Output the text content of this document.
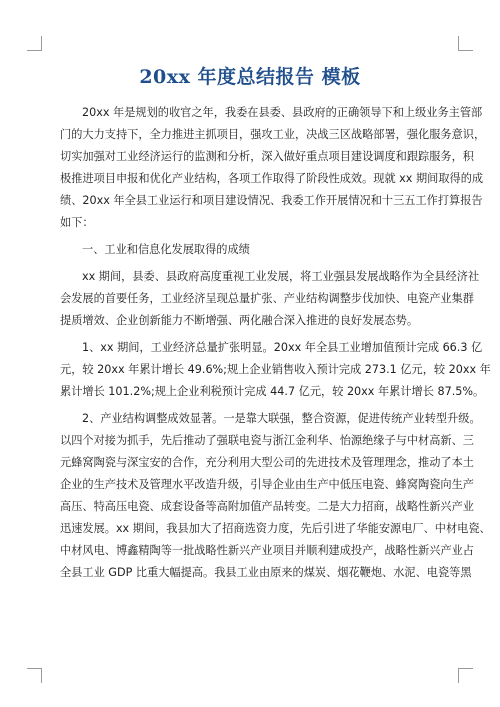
20xx 年度总结报告 模板
20xx 年是规划的收官之年，我委在县委、县政府的正确领导下和上级业务主管部
门的大力支持下，全力推进主抓项目，强攻工业，决战三区战略部署，强化服务意识，
切实加强对工业经济运行的监测和分析，深入做好重点项目建设调度和跟踪服务，积
极推进项目申报和优化产业结构，各项工作取得了阶段性成效。现就 xx 期间取得的成
绩、20xx 年全县工业运行和项目建设情况、我委工作开展情况和十三五工作打算报告
如下：
一、工业和信息化发展取得的成绩
xx 期间，县委、县政府高度重视工业发展，将工业强县发展战略作为全县经济社
会发展的首要任务，工业经济呈现总量扩张、产业结构调整步伐加快、电瓷产业集群
提质增效、企业创新能力不断增强、两化融合深入推进的良好发展态势。
1、xx 期间，工业经济总量扩张明显。20xx 年全县工业增加值预计完成 66.3 亿
元，较 20xx 年累计增长 49.6%;规上企业销售收入预计完成 273.1 亿元，较 20xx 年
累计增长 101.2%;规上企业利税预计完成 44.7 亿元，较 20xx 年累计增长 87.5%。
2、产业结构调整成效显著。一是靠大联强，整合资源，促进传统产业转型升级。
以四个对接为抓手，先后推动了强联电瓷与浙江金利华、怡源绝缘子与中材高新、三
元蜂窝陶瓷与深宝安的合作，充分利用大型公司的先进技术及管理理念，推动了本土
企业的生产技术及管理水平改造升级，引导企业由生产中低压电瓷、蜂窝陶瓷向生产
高压、特高压电瓷、成套设备等高附加值产品转变。二是大力招商，战略性新兴产业
迅速发展。xx 期间，我县加大了招商选资力度，先后引进了华能安源电厂、中材电瓷、
中材风电、博鑫精陶等一批战略性新兴产业项目并顺利建成投产，战略性新兴产业占
全县工业 GDP 比重大幅提高。我县工业由原来的煤炭、烟花鞭炮、水泥、电瓷等黑
